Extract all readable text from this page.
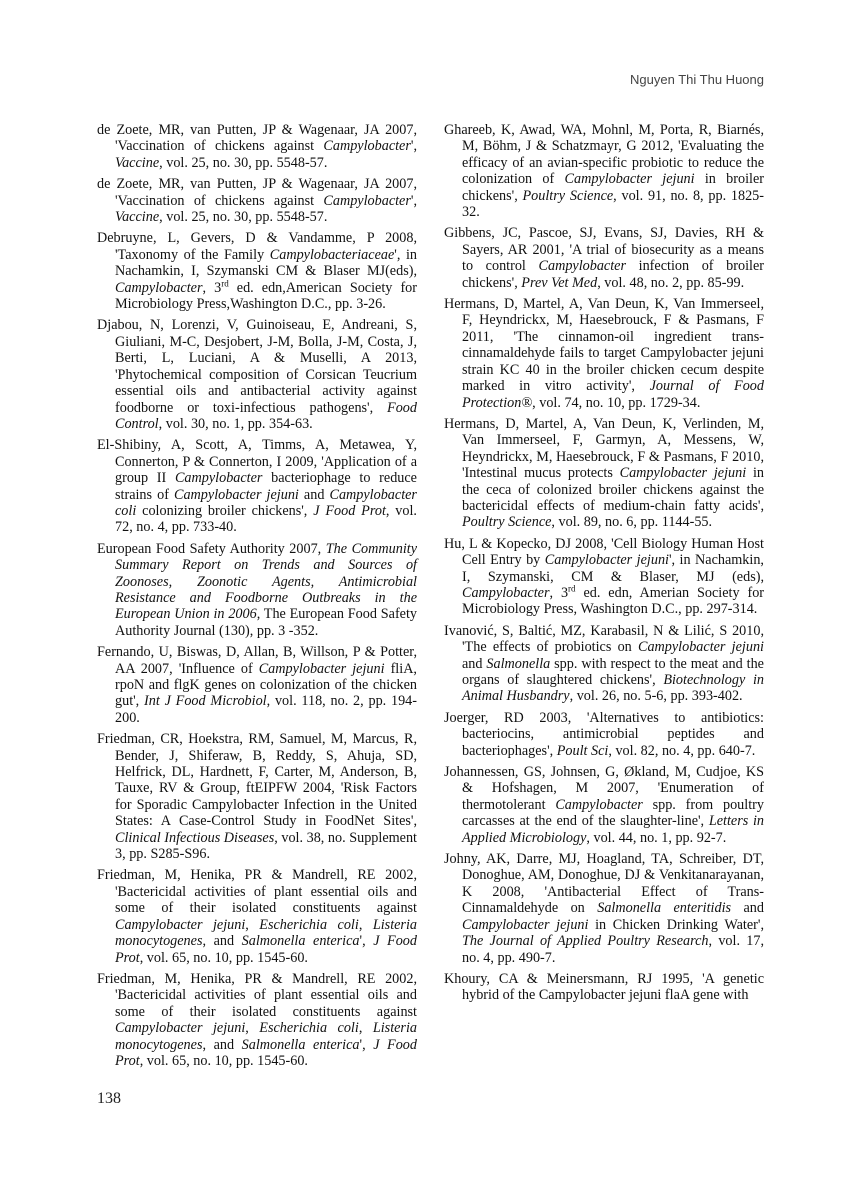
Nguyen Thi Thu Huong

de Zoete, MR, van Putten, JP & Wagenaar, JA 2007, 'Vaccination of chickens against Campylobacter', Vaccine, vol. 25, no. 30, pp. 5548-57.

de Zoete, MR, van Putten, JP & Wagenaar, JA 2007, 'Vaccination of chickens against Campylobacter', Vaccine, vol. 25, no. 30, pp. 5548-57.

Debruyne, L, Gevers, D & Vandamme, P 2008, 'Taxonomy of the Family Campylobacteriaceae', in Nachamkin, I, Szymanski CM & Blaser MJ(eds), Campylobacter, 3rd ed. edn,American Society for Microbiology Press,Washington D.C., pp. 3-26.

Djabou, N, Lorenzi, V, Guinoiseau, E, Andreani, S, Giuliani, M-C, Desjobert, J-M, Bolla, J-M, Costa, J, Berti, L, Luciani, A & Muselli, A 2013, 'Phytochemical composition of Corsican Teucrium essential oils and antibacterial activity against foodborne or toxi-infectious pathogens', Food Control, vol. 30, no. 1, pp. 354-63.

El-Shibiny, A, Scott, A, Timms, A, Metawea, Y, Connerton, P & Connerton, I 2009, 'Application of a group II Campylobacter bacteriophage to reduce strains of Campylobacter jejuni and Campylobacter coli colonizing broiler chickens', J Food Prot, vol. 72, no. 4, pp. 733-40.

European Food Safety Authority 2007, The Community Summary Report on Trends and Sources of Zoonoses, Zoonotic Agents, Antimicrobial Resistance and Foodborne Outbreaks in the European Union in 2006, The European Food Safety Authority Journal (130), pp. 3 -352.

Fernando, U, Biswas, D, Allan, B, Willson, P & Potter, AA 2007, 'Influence of Campylobacter jejuni fliA, rpoN and flgK genes on colonization of the chicken gut', Int J Food Microbiol, vol. 118, no. 2, pp. 194-200.

Friedman, CR, Hoekstra, RM, Samuel, M, Marcus, R, Bender, J, Shiferaw, B, Reddy, S, Ahuja, SD, Helfrick, DL, Hardnett, F, Carter, M, Anderson, B, Tauxe, RV & Group, ftEIPFW 2004, 'Risk Factors for Sporadic Campylobacter Infection in the United States: A Case-Control Study in FoodNet Sites', Clinical Infectious Diseases, vol. 38, no. Supplement 3, pp. S285-S96.

Friedman, M, Henika, PR & Mandrell, RE 2002, 'Bactericidal activities of plant essential oils and some of their isolated constituents against Campylobacter jejuni, Escherichia coli, Listeria monocytogenes, and Salmonella enterica', J Food Prot, vol. 65, no. 10, pp. 1545-60.

Friedman, M, Henika, PR & Mandrell, RE 2002, 'Bactericidal activities of plant essential oils and some of their isolated constituents against Campylobacter jejuni, Escherichia coli, Listeria monocytogenes, and Salmonella enterica', J Food Prot, vol. 65, no. 10, pp. 1545-60.

Ghareeb, K, Awad, WA, Mohnl, M, Porta, R, Biarnés, M, Böhm, J & Schatzmayr, G 2012, 'Evaluating the efficacy of an avian-specific probiotic to reduce the colonization of Campylobacter jejuni in broiler chickens', Poultry Science, vol. 91, no. 8, pp. 1825-32.

Gibbens, JC, Pascoe, SJ, Evans, SJ, Davies, RH & Sayers, AR 2001, 'A trial of biosecurity as a means to control Campylobacter infection of broiler chickens', Prev Vet Med, vol. 48, no. 2, pp. 85-99.

Hermans, D, Martel, A, Van Deun, K, Van Immerseel, F, Heyndrickx, M, Haesebrouck, F & Pasmans, F 2011, 'The cinnamon-oil ingredient trans-cinnamaldehyde fails to target Campylobacter jejuni strain KC 40 in the broiler chicken cecum despite marked in vitro activity', Journal of Food Protection®, vol. 74, no. 10, pp. 1729-34.

Hermans, D, Martel, A, Van Deun, K, Verlinden, M, Van Immerseel, F, Garmyn, A, Messens, W, Heyndrickx, M, Haesebrouck, F & Pasmans, F 2010, 'Intestinal mucus protects Campylobacter jejuni in the ceca of colonized broiler chickens against the bactericidal effects of medium-chain fatty acids', Poultry Science, vol. 89, no. 6, pp. 1144-55.

Hu, L & Kopecko, DJ 2008, 'Cell Biology Human Host Cell Entry by Campylobacter jejuni', in Nachamkin, I, Szymanski, CM & Blaser, MJ (eds), Campylobacter, 3rd ed. edn, Amerian Society for Microbiology Press, Washington D.C., pp. 297-314.

Ivanović, S, Baltić, MZ, Karabasil, N & Lilić, S 2010, 'The effects of probiotics on Campylobacter jejuni and Salmonella spp. with respect to the meat and the organs of slaughtered chickens', Biotechnology in Animal Husbandry, vol. 26, no. 5-6, pp. 393-402.

Joerger, RD 2003, 'Alternatives to antibiotics: bacteriocins, antimicrobial peptides and bacteriophages', Poult Sci, vol. 82, no. 4, pp. 640-7.

Johannessen, GS, Johnsen, G, Økland, M, Cudjoe, KS & Hofshagen, M 2007, 'Enumeration of thermotolerant Campylobacter spp. from poultry carcasses at the end of the slaughter-line', Letters in Applied Microbiology, vol. 44, no. 1, pp. 92-7.

Johny, AK, Darre, MJ, Hoagland, TA, Schreiber, DT, Donoghue, AM, Donoghue, DJ & Venkitanarayanan, K 2008, 'Antibacterial Effect of Trans-Cinnamaldehyde on Salmonella enteritidis and Campylobacter jejuni in Chicken Drinking Water', The Journal of Applied Poultry Research, vol. 17, no. 4, pp. 490-7.

Khoury, CA & Meinersmann, RJ 1995, 'A genetic hybrid of the Campylobacter jejuni flaA gene with

138
